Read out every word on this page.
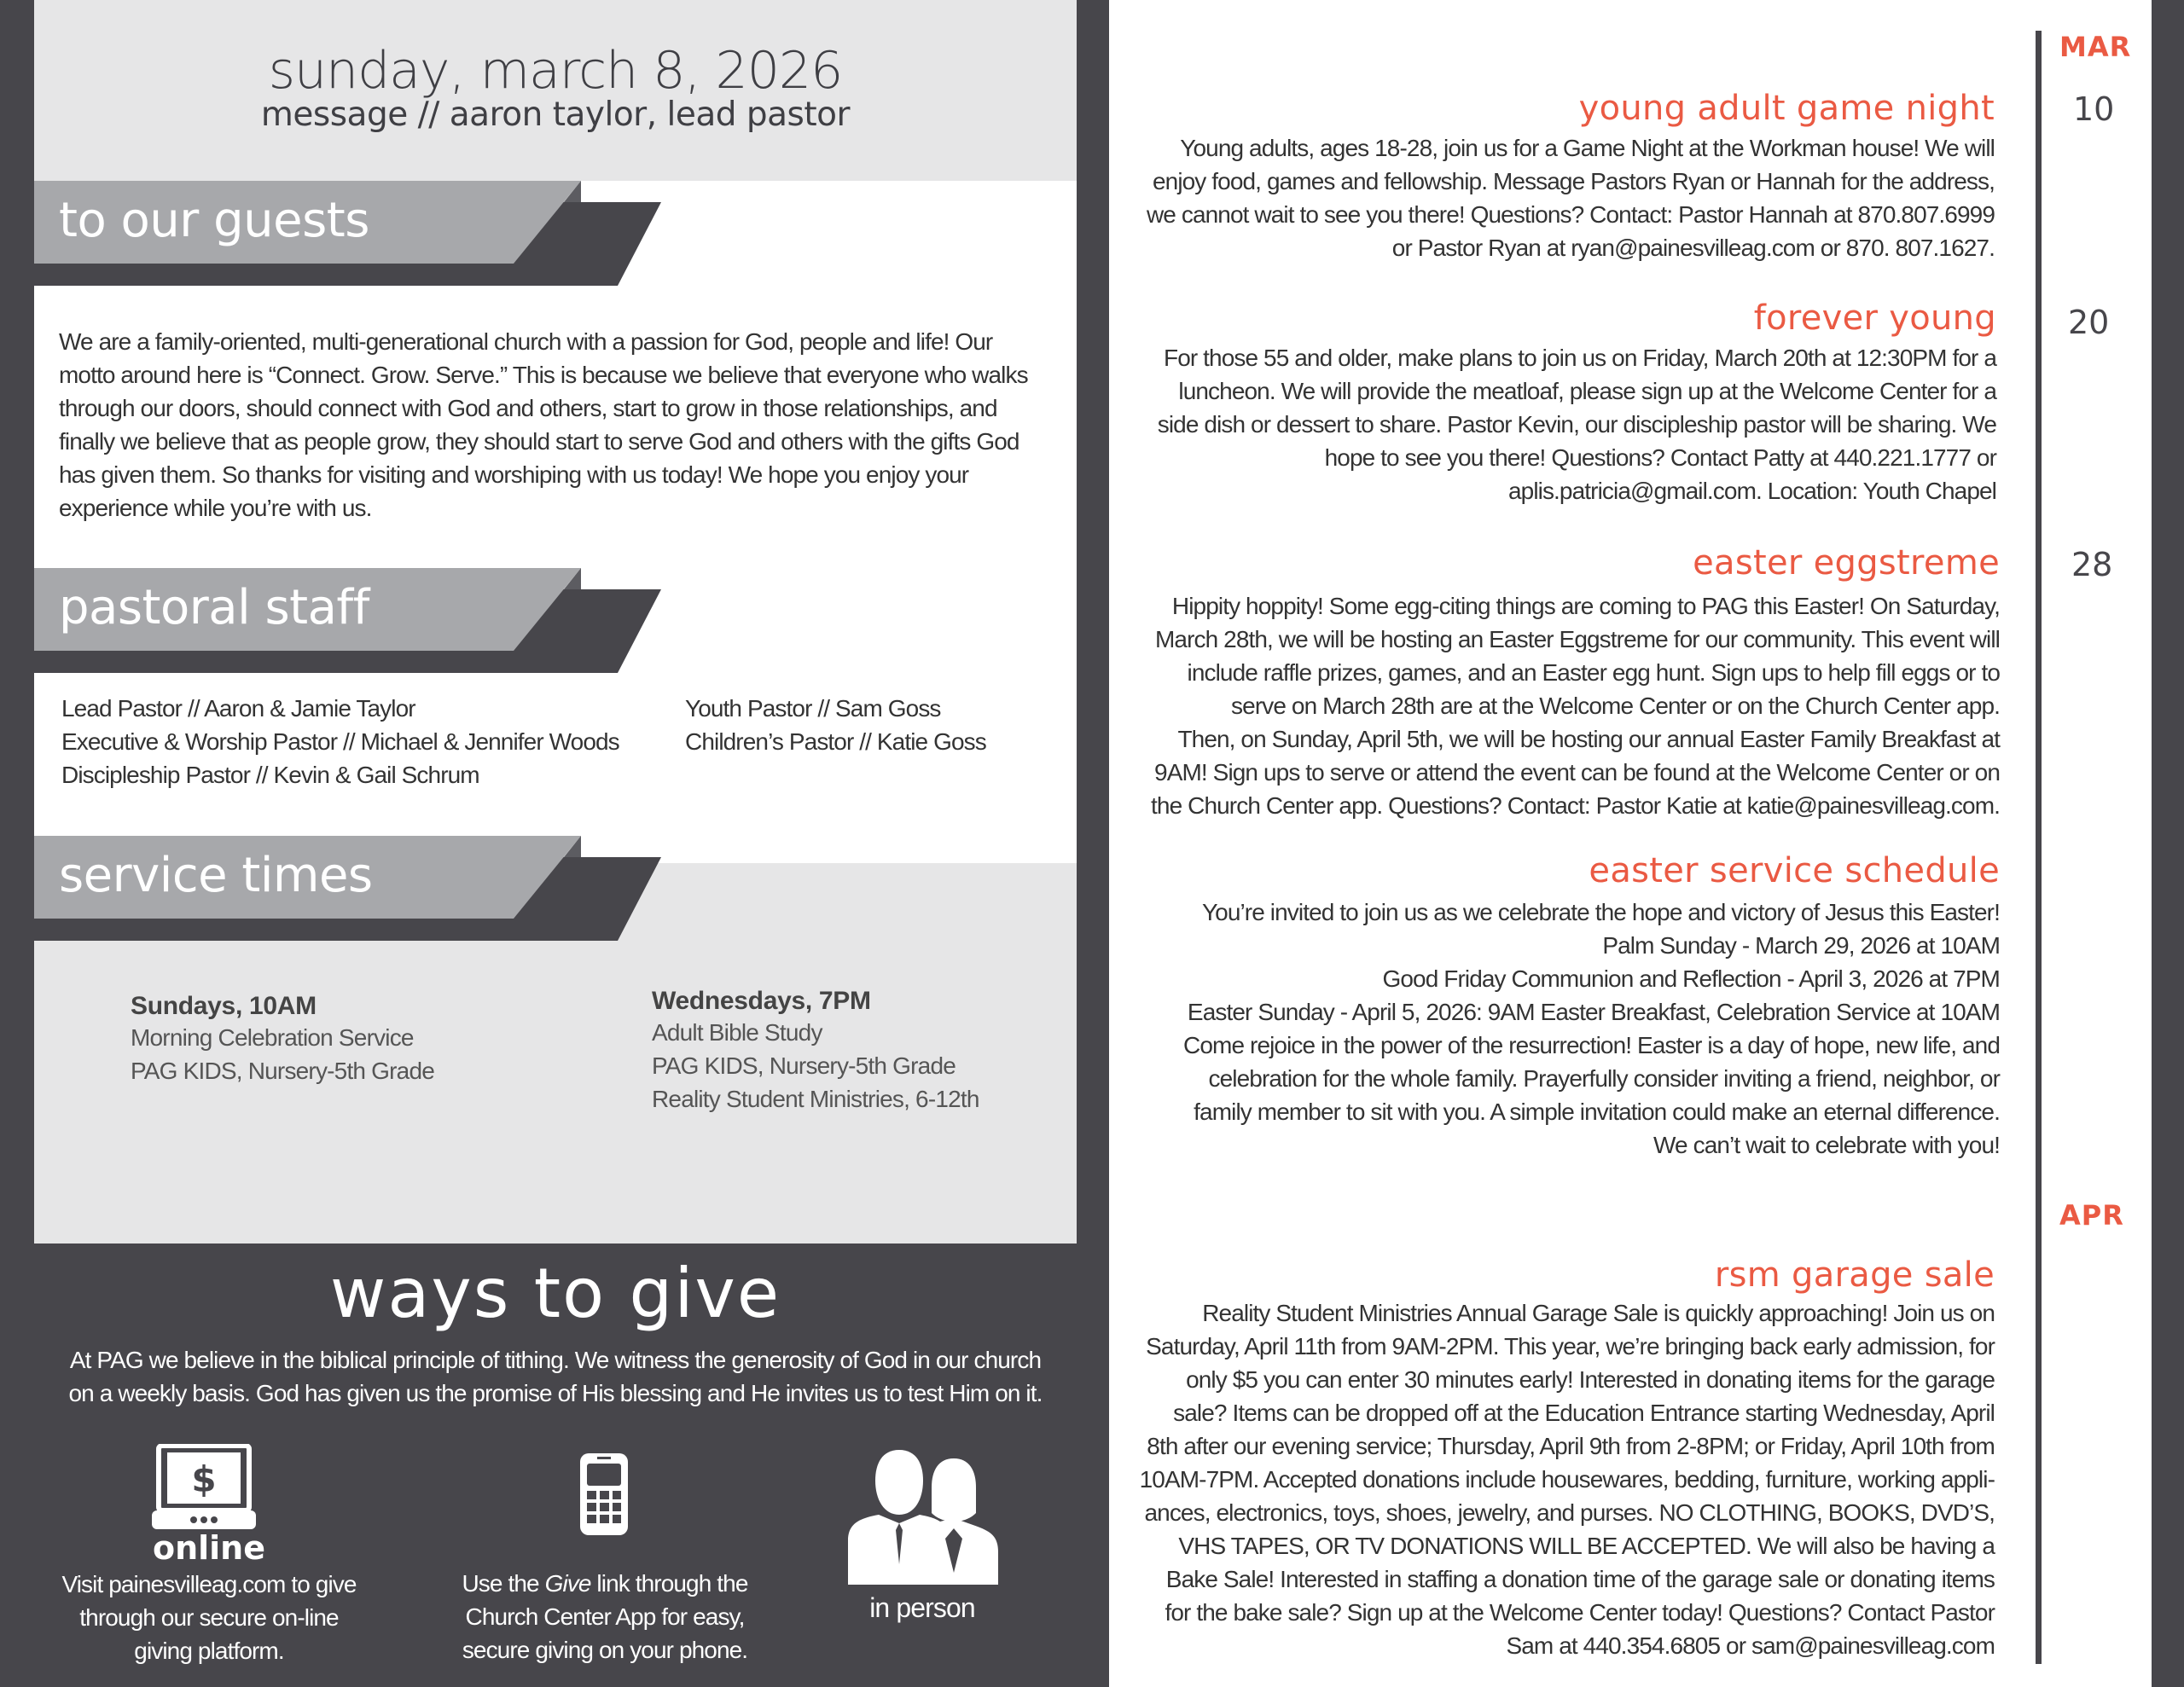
sunday, march 8, 2026
message // aaron taylor, lead pastor
to our guests
pastoral staff
service times
We are a family-oriented, multi-generational church with a passion for God, people and life! Our
motto around here is “Connect. Grow. Serve.” This is because we believe that everyone who walks
through our doors, should connect with God and others, start to grow in those relationships, and
finally we believe that as people grow, they should start to serve God and others with the gifts God
has given them. So thanks for visiting and worshiping with us today! We hope you enjoy your
experience while you’re with us.
Lead Pastor // Aaron & Jamie Taylor
Executive & Worship Pastor // Michael & Jennifer Woods
Discipleship Pastor // Kevin & Gail Schrum
Youth Pastor // Sam Goss
Children’s Pastor // Katie Goss
Sundays, 10AM
Morning Celebration Service
PAG KIDS, Nursery-5th Grade
Wednesdays, 7PM
Adult Bible Study
PAG KIDS, Nursery-5th Grade
Reality Student Ministries, 6-12th
ways to give
At PAG we believe in the biblical principle of tithing. We witness the generosity of God in our church
on a weekly basis. God has given us the promise of His blessing and He invites us to test Him on it.
$
online
Visit painesvilleag.com to give
through our secure on-line
giving platform.
Use the Give link through the
Church Center App for easy,
secure giving on your phone.
in person
MAR
APR
10
20
28
young adult game night
Young adults, ages 18-28, join us for a Game Night at the Workman house! We will
enjoy food, games and fellowship. Message Pastors Ryan or Hannah for the address,
we cannot wait to see you there! Questions? Contact: Pastor Hannah at 870.807.6999
or Pastor Ryan at ryan@painesvilleag.com or 870. 807.1627.
forever young
For those 55 and older, make plans to join us on Friday, March 20th at 12:30PM for a
luncheon. We will provide the meatloaf, please sign up at the Welcome Center for a
side dish or dessert to share. Pastor Kevin, our discipleship pastor will be sharing. We
hope to see you there! Questions? Contact Patty at 440.221.1777 or
aplis.patricia@gmail.com. Location: Youth Chapel
easter eggstreme
Hippity hoppity! Some egg-citing things are coming to PAG this Easter! On Saturday,
March 28th, we will be hosting an Easter Eggstreme for our community. This event will
include raffle prizes, games, and an Easter egg hunt. Sign ups to help fill eggs or to
serve on March 28th are at the Welcome Center or on the Church Center app.
Then, on Sunday, April 5th, we will be hosting our annual Easter Family Breakfast at
9AM! Sign ups to serve or attend the event can be found at the Welcome Center or on
the Church Center app. Questions? Contact: Pastor Katie at katie@painesvilleag.com.
easter service schedule
You’re invited to join us as we celebrate the hope and victory of Jesus this Easter!
Palm Sunday - March 29, 2026 at 10AM
Good Friday Communion and Reflection - April 3, 2026 at 7PM
Easter Sunday - April 5, 2026: 9AM Easter Breakfast, Celebration Service at 10AM
Come rejoice in the power of the resurrection! Easter is a day of hope, new life, and
celebration for the whole family. Prayerfully consider inviting a friend, neighbor, or
family member to sit with you. A simple invitation could make an eternal difference.
We can’t wait to celebrate with you!
rsm garage sale
Reality Student Ministries Annual Garage Sale is quickly approaching! Join us on
Saturday, April 11th from 9AM-2PM. This year, we’re bringing back early admission, for
only $5 you can enter 30 minutes early! Interested in donating items for the garage
sale? Items can be dropped off at the Education Entrance starting Wednesday, April
8th after our evening service; Thursday, April 9th from 2-8PM; or Friday, April 10th from
10AM-7PM. Accepted donations include housewares, bedding, furniture, working appli-
ances, electronics, toys, shoes, jewelry, and purses. NO CLOTHING, BOOKS, DVD’S,
VHS TAPES, OR TV DONATIONS WILL BE ACCEPTED. We will also be having a
Bake Sale! Interested in staffing a donation time of the garage sale or donating items
for the bake sale? Sign up at the Welcome Center today! Questions? Contact Pastor
Sam at 440.354.6805 or sam@painesvilleag.com
